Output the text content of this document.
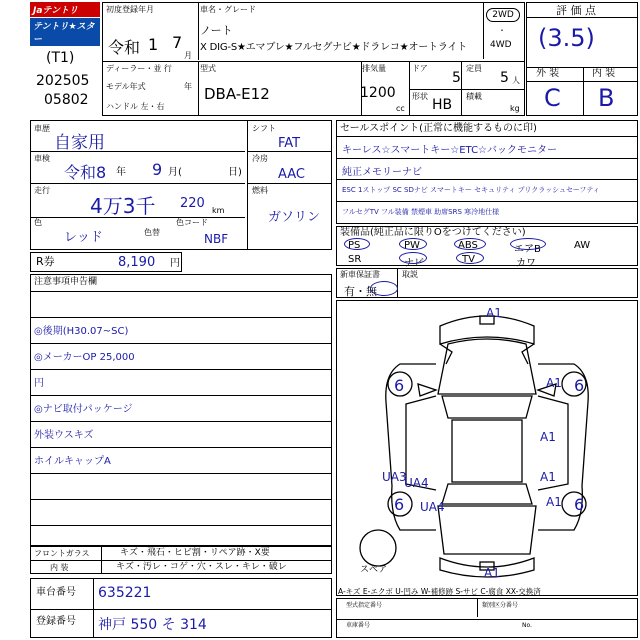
Jaテントリ
テントリ★スター
(T1)
202505
05802
初度登録年月
令和 1 7
月
車名・グレード
ノート
X DIG-S★エマブレ★フルセグナビ★ドラレコ★オートライト
2WD
・
4WD
評 価 点
(3.5)
外 装	内 装
C B
ディーラー・並 行
モデル年式	年
ハンドル 左・右
型式
DBA-E12
排気量
1200
cc
ドア
5
定員
5 人
形状
HB
積載
kg
車歴
自家用
車検
令和8 年 9 月(	日)
走行
4万3千 220 km
色
レッド	色替
色コード
NBF
シフト
FAT
冷房
AAC
燃料
ガソリン
R券	8,190 円
セールスポイント(正常に機能するものに印)
キーレス☆スマートキー☆ETC☆バックモニター
純正メモリーナビ
ESC 1ストップ SC SDナビ スマートキー セキュリティ プリクラッシュセーフティ
フルセグTV フル装備 禁煙車 助席SRS 寒冷地仕様
装備品(純正品に限りOをつけてください)
PS	PW	ABS	エアB	AW
SR	ナビ	TV	カワ
新車保証書
有・無
取説
注意事項申告欄
◎後期(H30.07~SC)
◎メーカーOP 25,000
円
◎ナビ取付パッケージ
外装ウスキズ
ホイルキャップA
A1
6	A1 6
A1
A1
UA3
UA4
UA4
6	A1 6
A1
スペア
A-キズ E-エクボ U-凹み W-補修跡 S-サビ C-腐食 XX-交換済
フロントガラス	キズ・飛石・ヒビ割・リペア跡・X要
内 装	キズ・汚レ・コゲ・穴・スレ・キレ・破レ
車台番号 635221
登録番号 神戸 550 そ 314
型式指定番号	類別区分番号
車庫番号	No.
